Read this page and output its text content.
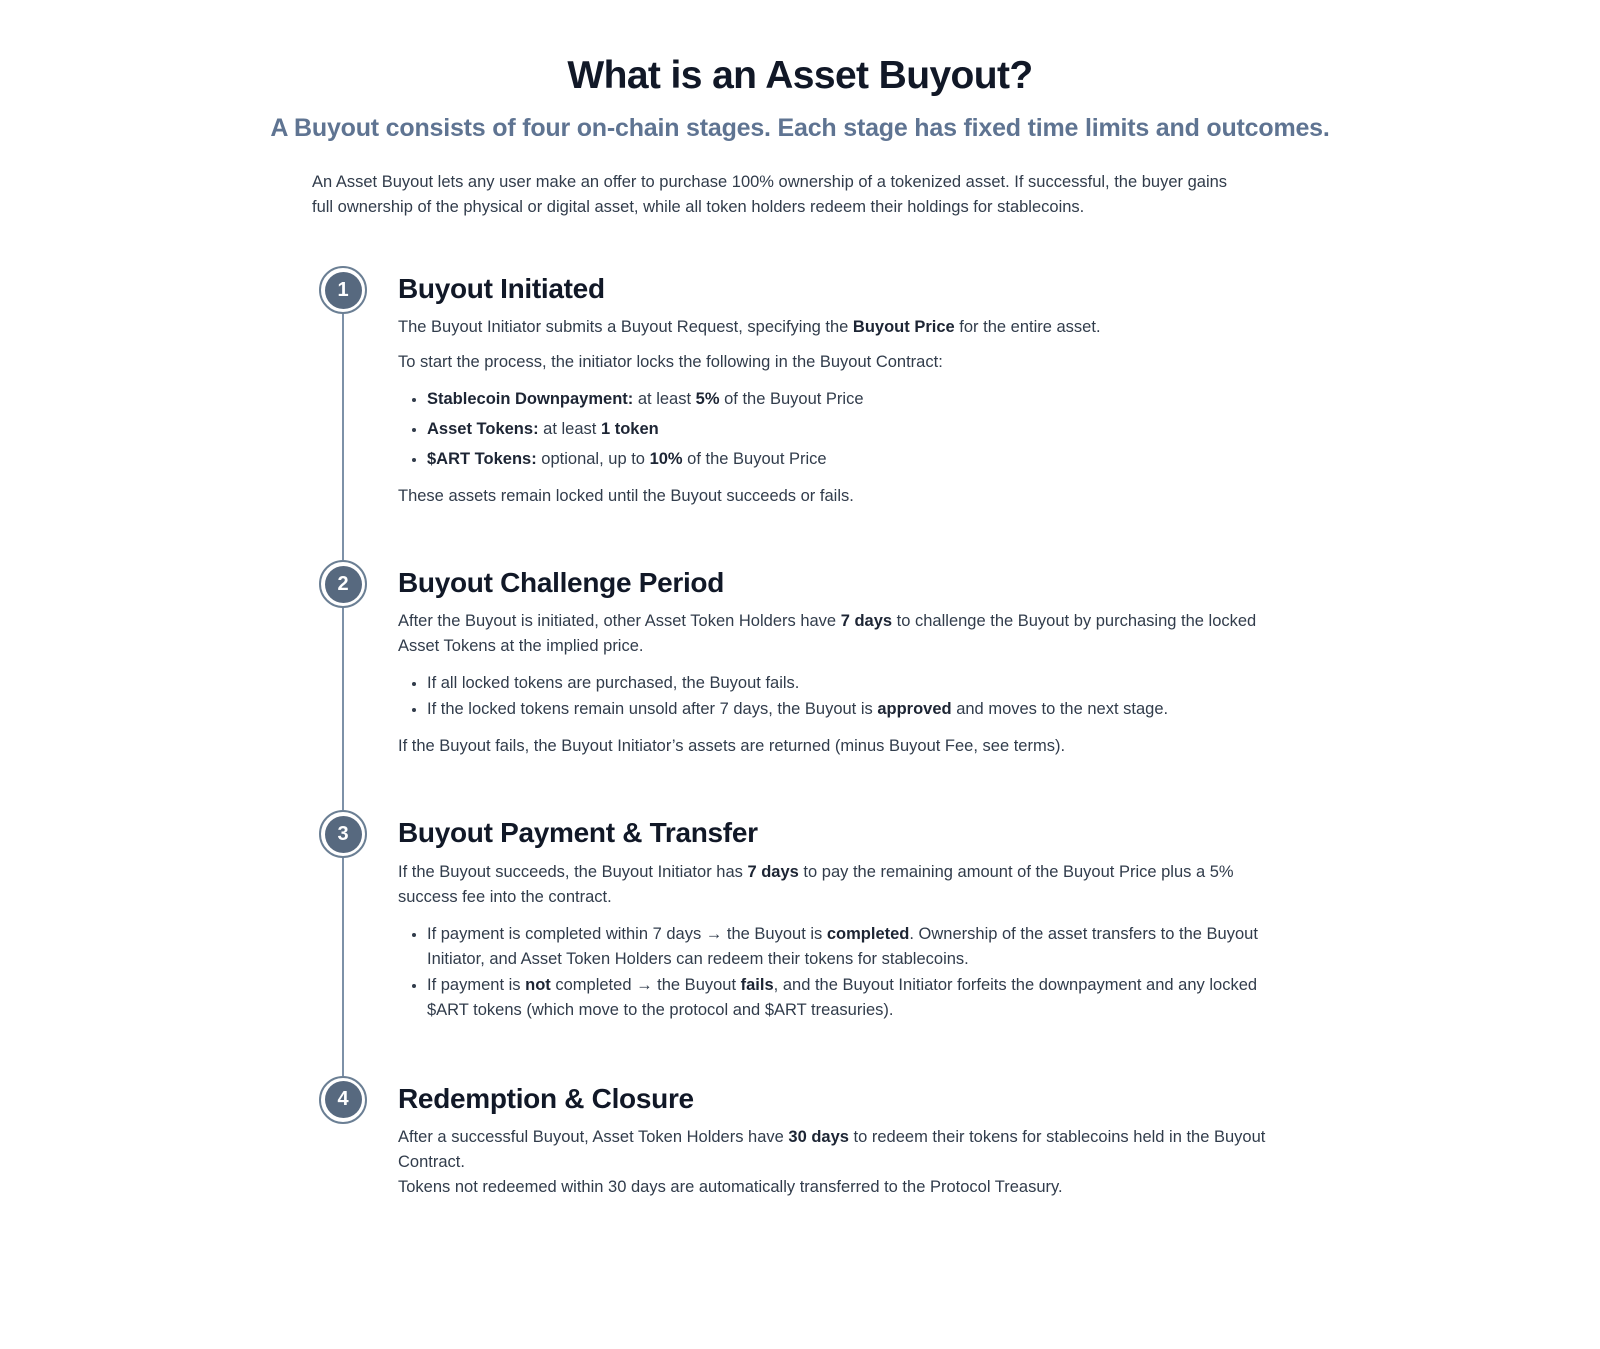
What is an Asset Buyout?
A Buyout consists of four on-chain stages. Each stage has fixed time limits and outcomes.

An Asset Buyout lets any user make an offer to purchase 100% ownership of a tokenized asset. If successful, the buyer gains full ownership of the physical or digital asset, while all token holders redeem their holdings for stablecoins.

1	Buyout Initiated

The Buyout Initiator submits a Buyout Request, specifying the Buyout Price for the entire asset.

To start the process, the initiator locks the following in the Buyout Contract:

• Stablecoin Downpayment: at least 5% of the Buyout Price
• Asset Tokens: at least 1 token
• $ART Tokens: optional, up to 10% of the Buyout Price

These assets remain locked until the Buyout succeeds or fails.

2	Buyout Challenge Period

After the Buyout is initiated, other Asset Token Holders have 7 days to challenge the Buyout by purchasing the locked Asset Tokens at the implied price.

• If all locked tokens are purchased, the Buyout fails.
• If the locked tokens remain unsold after 7 days, the Buyout is approved and moves to the next stage.

If the Buyout fails, the Buyout Initiator’s assets are returned (minus Buyout Fee, see terms).

3	Buyout Payment & Transfer

If the Buyout succeeds, the Buyout Initiator has 7 days to pay the remaining amount of the Buyout Price plus a 5% success fee into the contract.

• If payment is completed within 7 days → the Buyout is completed. Ownership of the asset transfers to the Buyout Initiator, and Asset Token Holders can redeem their tokens for stablecoins.
• If payment is not completed → the Buyout fails, and the Buyout Initiator forfeits the downpayment and any locked $ART tokens (which move to the protocol and $ART treasuries).
4	Redemption & Closure

After a successful Buyout, Asset Token Holders have 30 days to redeem their tokens for stablecoins held in the Buyout Contract.
Tokens not redeemed within 30 days are automatically transferred to the Protocol Treasury.
